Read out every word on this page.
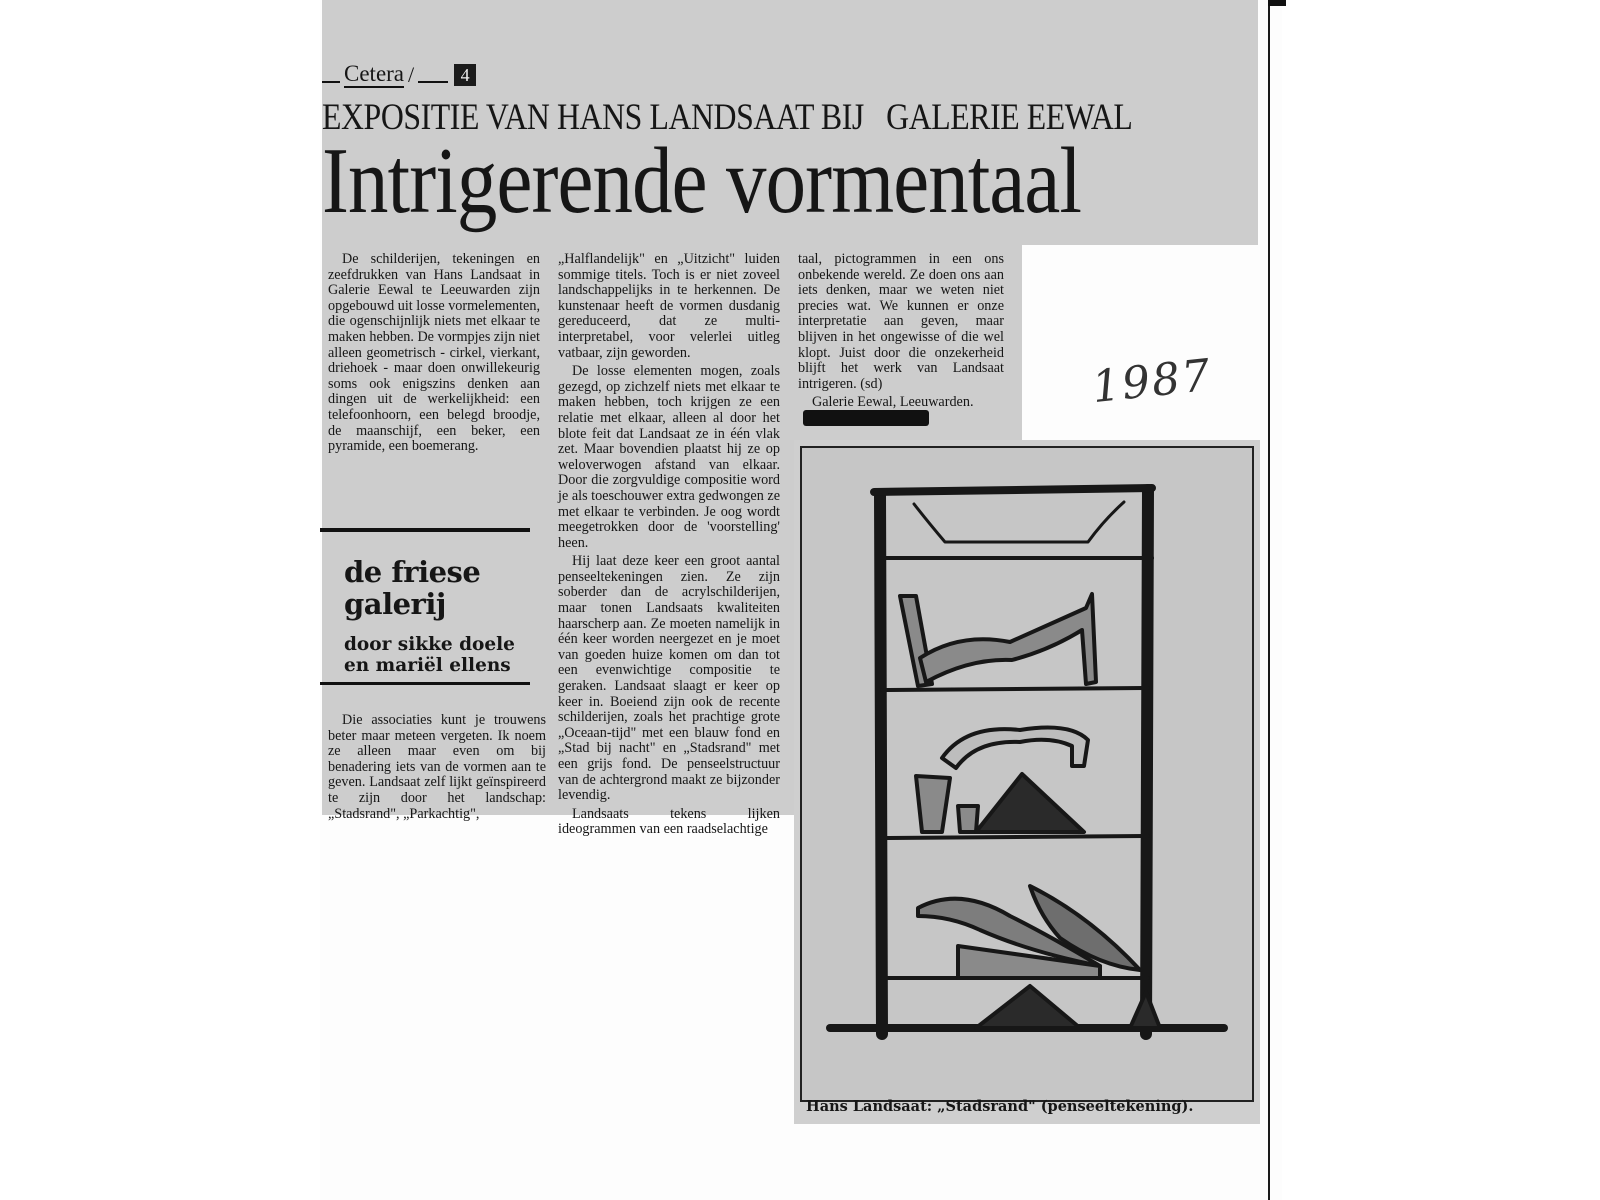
Cetera /	4
EXPOSITIE VAN HANS LANDSAAT BIJ GALERIE EEWAL
Intrigerende vormentaal

De schilderijen, tekeningen en zeefdrukken van Hans Landsaat in Galerie Eewal te Leeuwarden zijn opgebouwd uit losse vormelementen, die ogenschijnlijk niets met elkaar te maken hebben. De vormpjes zijn niet alleen geometrisch - cirkel, vierkant, driehoek - maar doen onwillekeurig soms ook enigszins denken aan dingen uit de werkelijkheid: een telefoonhoorn, een belegd broodje, de maanschijf, een beker, een pyramide, een boemerang.

de friese galerij
door sikke doele en mariël ellens

Die associaties kunt je trouwens beter maar meteen vergeten. Ik noem ze alleen maar even om bij benadering iets van de vormen aan te geven. Landsaat zelf lijkt geïnspireerd te zijn door het landschap: „Stadsrand", „Parkachtig",

„Halflandelijk" en „Uitzicht" luiden sommige titels. Toch is er niet zoveel landschappelijks in te herkennen. De kunstenaar heeft de vormen dusdanig gereduceerd, dat ze multi-interpretabel, voor velerlei uitleg vatbaar, zijn geworden.

De losse elementen mogen, zoals gezegd, op zichzelf niets met elkaar te maken hebben, toch krijgen ze een relatie met elkaar, alleen al door het blote feit dat Landsaat ze in één vlak zet. Maar bovendien plaatst hij ze op weloverwogen afstand van elkaar. Door die zorgvuldige compositie word je als toeschouwer extra gedwongen ze met elkaar te verbinden. Je oog wordt meegetrokken door de 'voorstelling' heen.

Hij laat deze keer een groot aantal penseeltekeningen zien. Ze zijn soberder dan de acrylschilderijen, maar tonen Landsaats kwaliteiten haarscherp aan. Ze moeten namelijk in één keer worden neergezet en je moet van goeden huize komen om dan tot een evenwichtige compositie te geraken. Landsaat slaagt er keer op keer in. Boeiend zijn ook de recente schilderijen, zoals het prachtige grote „Oceaan-tijd" met een blauw fond en „Stad bij nacht" en „Stadsrand" met een grijs fond. De penseelstructuur van de achtergrond maakt ze bijzonder levendig.

Landsaats tekens lijken ideogrammen van een raadselachtige

taal, pictogrammen in een ons onbekende wereld. Ze doen ons aan iets denken, maar we weten niet precies wat. We kunnen er onze interpretatie aan geven, maar blijven in het ongewisse of die wel klopt. Juist door die onzekerheid blijft het werk van Landsaat intrigeren. (sd)

Galerie Eewal, Leeuwarden.	1987
Hans Landsaat: „Stadsrand" (penseeltekening).
